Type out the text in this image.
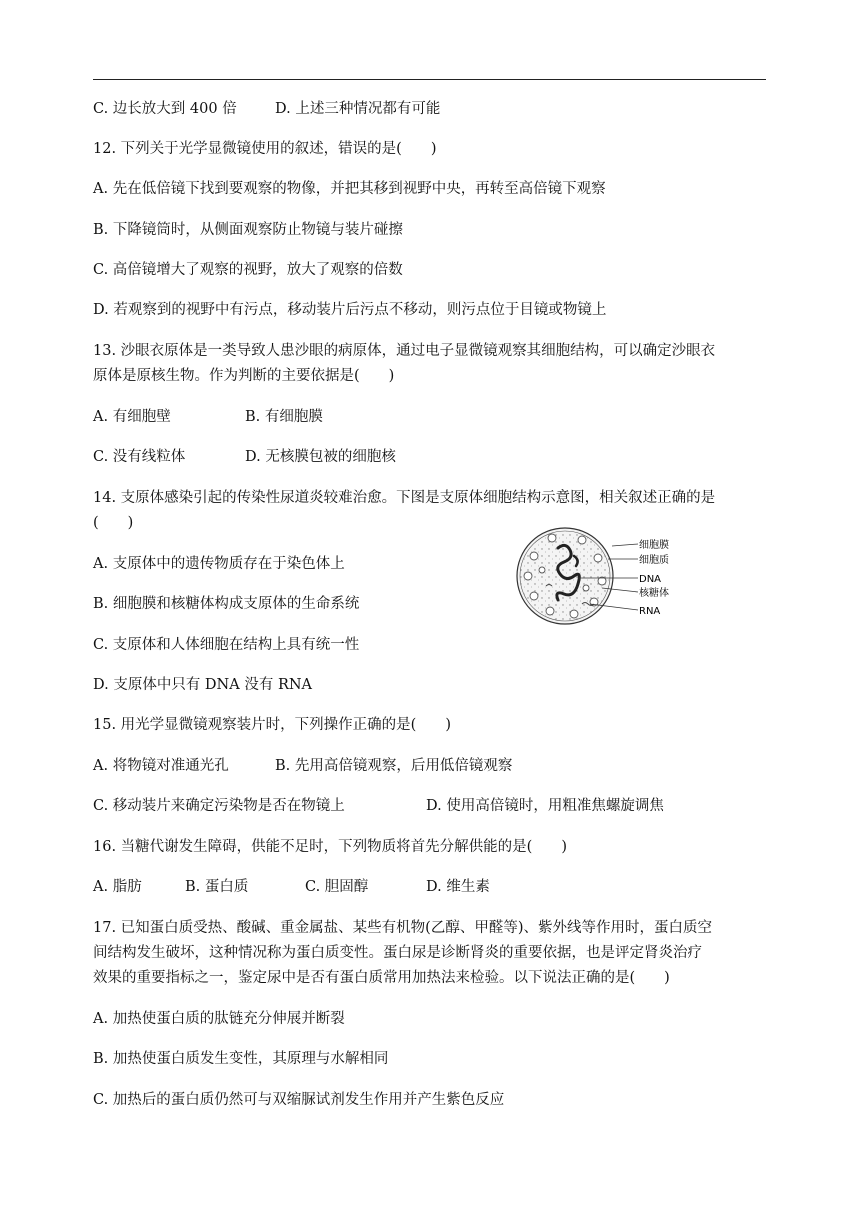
C. 边长放大到 400 倍	D. 上述三种情况都有可能
12. 下列关于光学显微镜使用的叙述，错误的是(　　)
A. 先在低倍镜下找到要观察的物像，并把其移到视野中央，再转至高倍镜下观察
B. 下降镜筒时，从侧面观察防止物镜与装片碰擦
C. 高倍镜增大了观察的视野，放大了观察的倍数
D. 若观察到的视野中有污点，移动装片后污点不移动，则污点位于目镜或物镜上
13. 沙眼衣原体是一类导致人患沙眼的病原体，通过电子显微镜观察其细胞结构，可以确定沙眼衣
原体是原核生物。作为判断的主要依据是(　　)
A. 有细胞壁	B. 有细胞膜
C. 没有线粒体	D. 无核膜包被的细胞核
14. 支原体感染引起的传染性尿道炎较难治愈。下图是支原体细胞结构示意图，相关叙述正确的是
(　　)
A. 支原体中的遗传物质存在于染色体上
B. 细胞膜和核糖体构成支原体的生命系统
C. 支原体和人体细胞在结构上具有统一性
D. 支原体中只有 DNA 没有 RNA
细胞膜
细胞质
DNA
核糖体
RNA
15. 用光学显微镜观察装片时，下列操作正确的是(　　)
A. 将物镜对准通光孔	B. 先用高倍镜观察，后用低倍镜观察
C. 移动装片来确定污染物是否在物镜上	D. 使用高倍镜时，用粗准焦螺旋调焦
16. 当糖代谢发生障碍，供能不足时，下列物质将首先分解供能的是(　　)
A. 脂肪	B. 蛋白质	C. 胆固醇	D. 维生素
17. 已知蛋白质受热、酸碱、重金属盐、某些有机物(乙醇、甲醛等)、紫外线等作用时，蛋白质空
间结构发生破坏，这种情况称为蛋白质变性。蛋白尿是诊断肾炎的重要依据，也是评定肾炎治疗
效果的重要指标之一，鉴定尿中是否有蛋白质常用加热法来检验。以下说法正确的是(　　)
A. 加热使蛋白质的肽链充分伸展并断裂
B. 加热使蛋白质发生变性，其原理与水解相同
C. 加热后的蛋白质仍然可与双缩脲试剂发生作用并产生紫色反应
